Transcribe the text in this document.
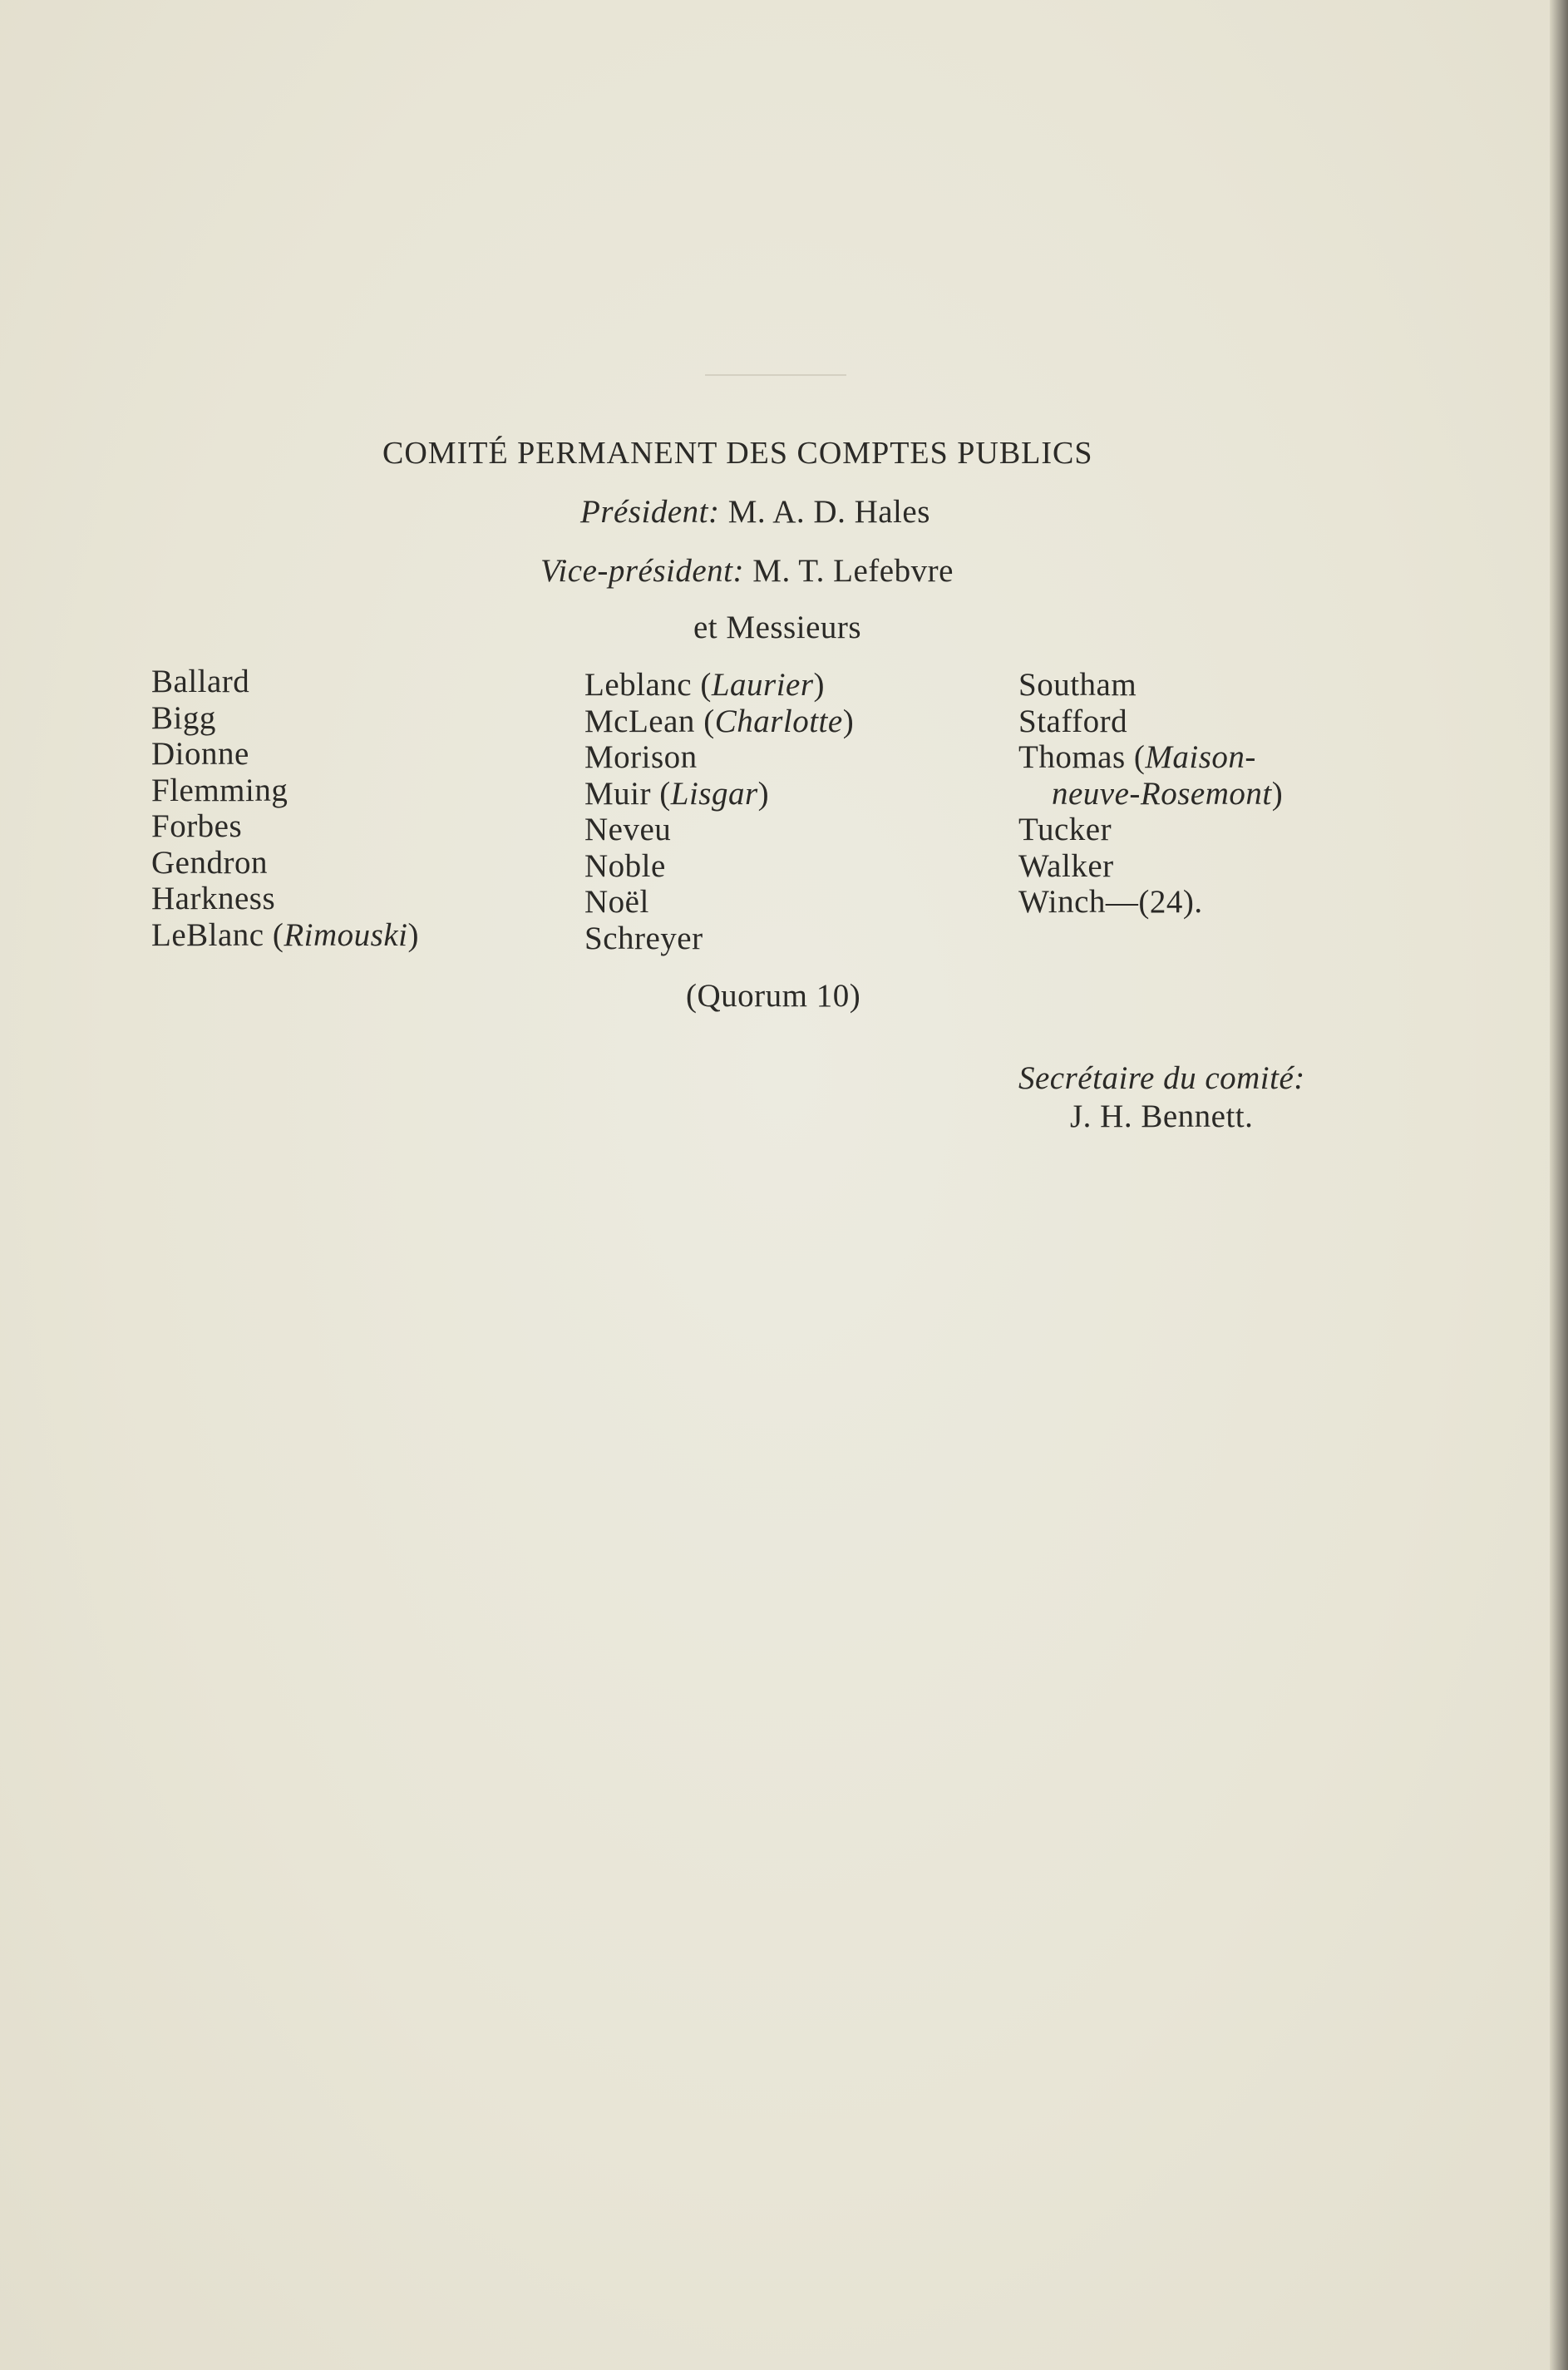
COMITÉ PERMANENT DES COMPTES PUBLICS
Président: M. A. D. Hales
Vice-président: M. T. Lefebvre
et Messieurs
Ballard
Bigg
Dionne
Flemming
Forbes
Gendron
Harkness
LeBlanc (Rimouski)
Leblanc (Laurier)
McLean (Charlotte)
Morison
Muir (Lisgar)
Neveu
Noble
Noël
Schreyer
Southam
Stafford
Thomas (Maison-
neuve-Rosemont)
Tucker
Walker
Winch—(24).
(Quorum 10)
Secrétaire du comité:
J. H. Bennett.
